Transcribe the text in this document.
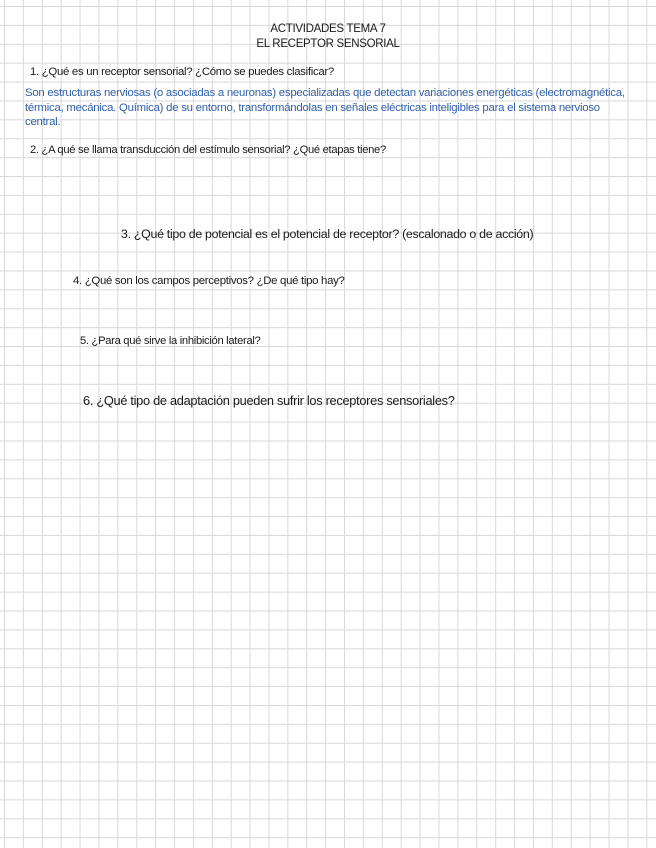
ACTIVIDADES TEMA 7
EL RECEPTOR SENSORIAL
1. ¿Qué es un receptor sensorial? ¿Cómo se puedes clasificar?
Son estructuras nerviosas (o asociadas a neuronas) especializadas que detectan variaciones energéticas (electromagnética, térmica, mecánica. Química) de su entorno, transformándolas en señales eléctricas inteligibles para el sistema nervioso central.
2. ¿A qué se llama transducción del estímulo sensorial? ¿Qué etapas tiene?
3. ¿Qué tipo de potencial es el potencial de receptor? (escalonado o de acción)
4. ¿Qué son los campos perceptivos? ¿De qué tipo hay?
5. ¿Para qué sirve la inhibición lateral?
6. ¿Qué tipo de adaptación pueden sufrir los receptores sensoriales?
